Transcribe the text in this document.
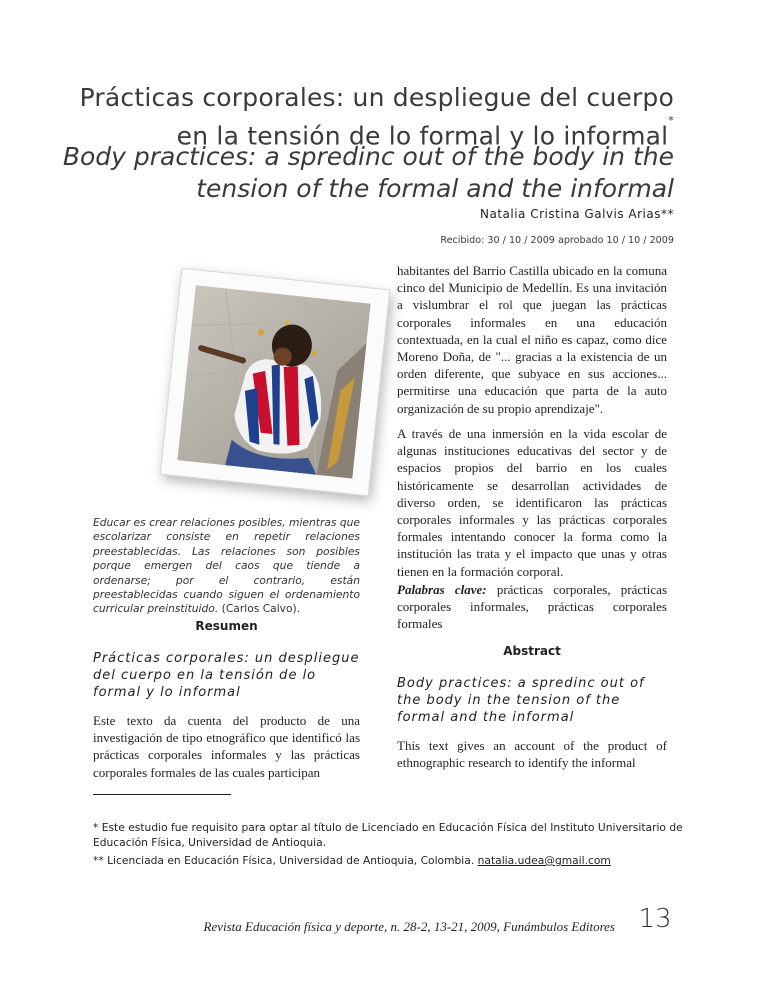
Prácticas corporales: un despliegue del cuerpo en la tensión de lo formal y lo informal*
Body practices: a spredinc out of the body in the tension of the formal and the informal
Natalia Cristina Galvis Arias**
Recibido: 30 / 10 / 2009 aprobado 10 / 10 / 2009
Educar es crear relaciones posibles, mientras que escolarizar consiste en repetir relaciones preestablecidas. Las relaciones son posibles porque emergen del caos que tiende a ordenarse; por el contrario, están preestablecidas cuando siguen el ordenamiento curricular preinstituido. (Carlos Calvo).
Resumen
Prácticas corporales: un despliegue del cuerpo en la tensión de lo formal y lo informal
Este texto da cuenta del producto de una investigación de tipo etnográfico que identificó las prácticas corporales informales y las prácticas corporales formales de las cuales participan
habitantes del Barrio Castilla ubicado en la comuna cinco del Municipio de Medellín. Es una invitación a vislumbrar el rol que juegan las prácticas corporales informales en una educación contextuada, en la cual el niño es capaz, como dice Moreno Doña, de "... gracias a la existencia de un orden diferente, que subyace en sus acciones... permitirse una educación que parta de la auto organización de su propio aprendizaje".
A través de una inmersión en la vida escolar de algunas instituciones educativas del sector y de espacios propios del barrio en los cuales históricamente se desarrollan actividades de diverso orden, se identificaron las prácticas corporales informales y las prácticas corporales formales intentando conocer la forma como la institución las trata y el impacto que unas y otras tienen en la formación corporal.
Palabras clave: prácticas corporales, prácticas corporales informales, prácticas corporales formales
Abstract
Body practices: a spredinc out of the body in the tension of the formal and the informal
This text gives an account of the product of ethnographic research to identify the informal
* Este estudio fue requisito para optar al título de Licenciado en Educación Física del Instituto Universitario de Educación Física, Universidad de Antioquia.
** Licenciada en Educación Física, Universidad de Antioquia, Colombia. natalia.udea@gmail.com
Revista Educación física y deporte, n. 28-2, 13-21, 2009, Funámbulos Editores 13
